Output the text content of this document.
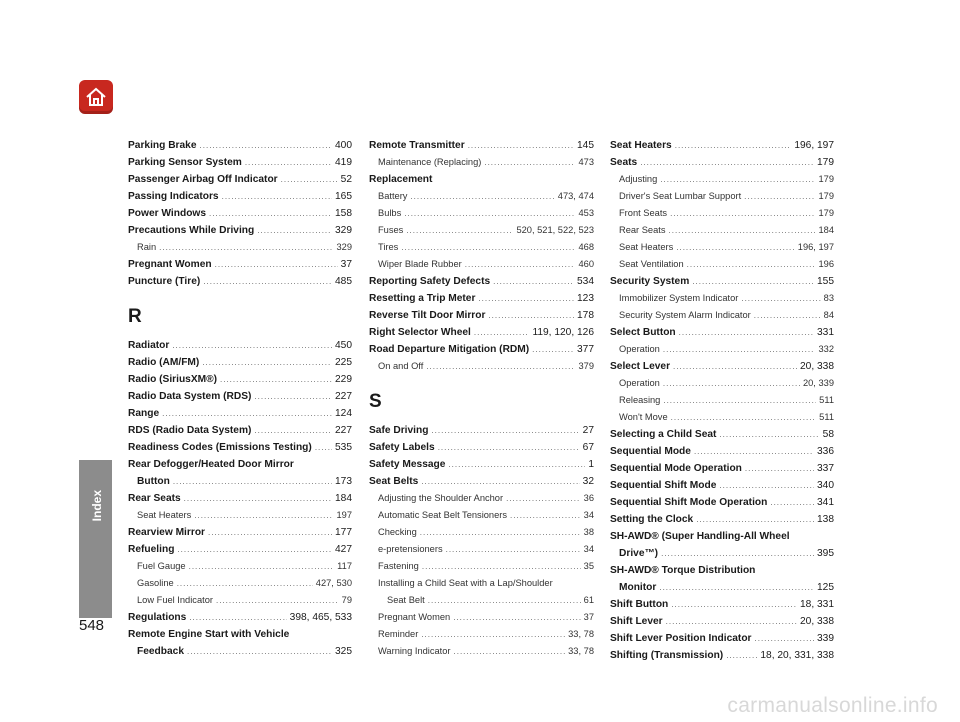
Index
548
Parking Brake .....	400
Parking Sensor System .....	419
Passenger Airbag Off Indicator .....	52
Passing Indicators .....	165
Power Windows .....	158
Precautions While Driving .....	329
Rain .....	329
Pregnant Women .....	37
Puncture (Tire) .....	485
R
Radiator .....	450
Radio (AM/FM) .....	225
Radio (SiriusXM®) .....	229
Radio Data System (RDS) .....	227
Range .....	124
RDS (Radio Data System) .....	227
Readiness Codes (Emissions Testing) ..... 535
Rear Defogger/Heated Door Mirror
Button .....	173
Rear Seats .....	184
Seat Heaters .....	197
Rearview Mirror .....	177
Refueling .....	427
Fuel Gauge .....	117
Gasoline .....	427, 530
Low Fuel Indicator .....	79
Regulations .....	398, 465, 533
Remote Engine Start with Vehicle
Feedback .....	325
Remote Transmitter .....	145
Maintenance (Replacing) .....	473
Replacement
Battery .....	473, 474
Bulbs .....	453
Fuses .....	520, 521, 522, 523
Tires .....	468
Wiper Blade Rubber .....	460
Reporting Safety Defects .....	534
Resetting a Trip Meter .....	123
Reverse Tilt Door Mirror .....	178
Right Selector Wheel .....	119, 120, 126
Road Departure Mitigation (RDM) .....	377
On and Off .....	379
S
Safe Driving .....	27
Safety Labels .....	67
Safety Message .....	1
Seat Belts .....	32
Adjusting the Shoulder Anchor .....	36
Automatic Seat Belt Tensioners .....	34
Checking .....	38
e-pretensioners .....	34
Fastening .....	35
Installing a Child Seat with a Lap/Shoulder
Seat Belt .....	61
Pregnant Women .....	37
Reminder .....	33, 78
Warning Indicator .....	33, 78
Seat Heaters .....	196, 197
Seats .....	179
Adjusting .....	179
Driver's Seat Lumbar Support .....	179
Front Seats .....	179
Rear Seats .....	184
Seat Heaters .....	196, 197
Seat Ventilation .....	196
Security System .....	155
Immobilizer System Indicator .....	83
Security System Alarm Indicator .....	84
Select Button .....	331
Operation .....	332
Select Lever .....	20, 338
Operation .....	20, 339
Releasing .....	511
Won't Move .....	511
Selecting a Child Seat .....	58
Sequential Mode .....	336
Sequential Mode Operation .....	337
Sequential Shift Mode .....	340
Sequential Shift Mode Operation .....	341
Setting the Clock .....	138
SH-AWD® (Super Handling-All Wheel
Drive™) .....	395
SH-AWD® Torque Distribution
Monitor .....	125
Shift Button .....	18, 331
Shift Lever .....	20, 338
Shift Lever Position Indicator .....	339
Shifting (Transmission) .....	18, 20, 331, 338
carmanualsonline.info
